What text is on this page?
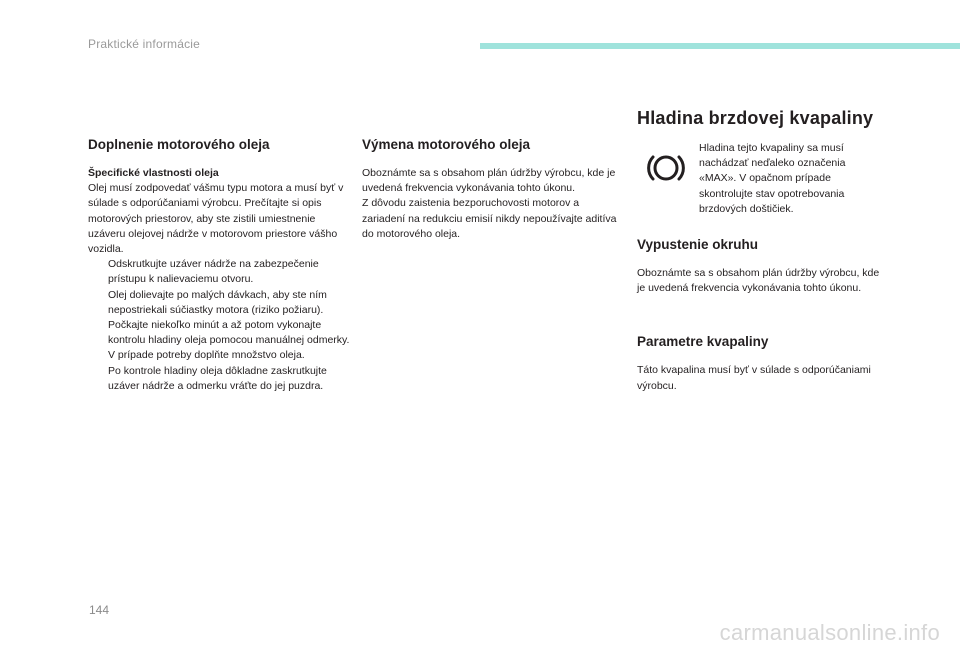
Praktické informácie
Doplnenie motorového oleja

Špecifické vlastnosti oleja

Olej musí zodpovedať vášmu typu motora a musí byť v súlade s odporúčaniami výrobcu. Prečítajte si opis motorových priestorov, aby ste zistili umiestnenie uzáveru olejovej nádrže v motorovom priestore vášho vozidla.

Odskrutkujte uzáver nádrže na zabezpečenie prístupu k nalievaciemu otvoru.
Olej dolievajte po malých dávkach, aby ste ním nepostriekali súčiastky motora (riziko požiaru).
Počkajte niekoľko minút a až potom vykonajte kontrolu hladiny oleja pomocou manuálnej odmerky.
V prípade potreby doplňte množstvo oleja.
Po kontrole hladiny oleja dôkladne zaskrutkujte uzáver nádrže a odmerku vráťte do jej puzdra.
Výmena motorového oleja

Oboznámte sa s obsahom plán údržby výrobcu, kde je uvedená frekvencia vykonávania tohto úkonu.

Z dôvodu zaistenia bezporuchovosti motorov a zariadení na redukciu emisií nikdy nepoužívajte aditíva do motorového oleja.

Hladina brzdovej kvapaliny

Hladina tejto kvapaliny sa musí nachádzať neďaleko označenia «MAX». V opačnom prípade skontrolujte stav opotrebovania brzdových doštičiek.

Vypustenie okruhu

Oboznámte sa s obsahom plán údržby výrobcu, kde je uvedená frekvencia vykonávania tohto úkonu.

Parametre kvapaliny

Táto kvapalina musí byť v súlade s odporúčaniami výrobcu.

144
carmanualsonline.info
